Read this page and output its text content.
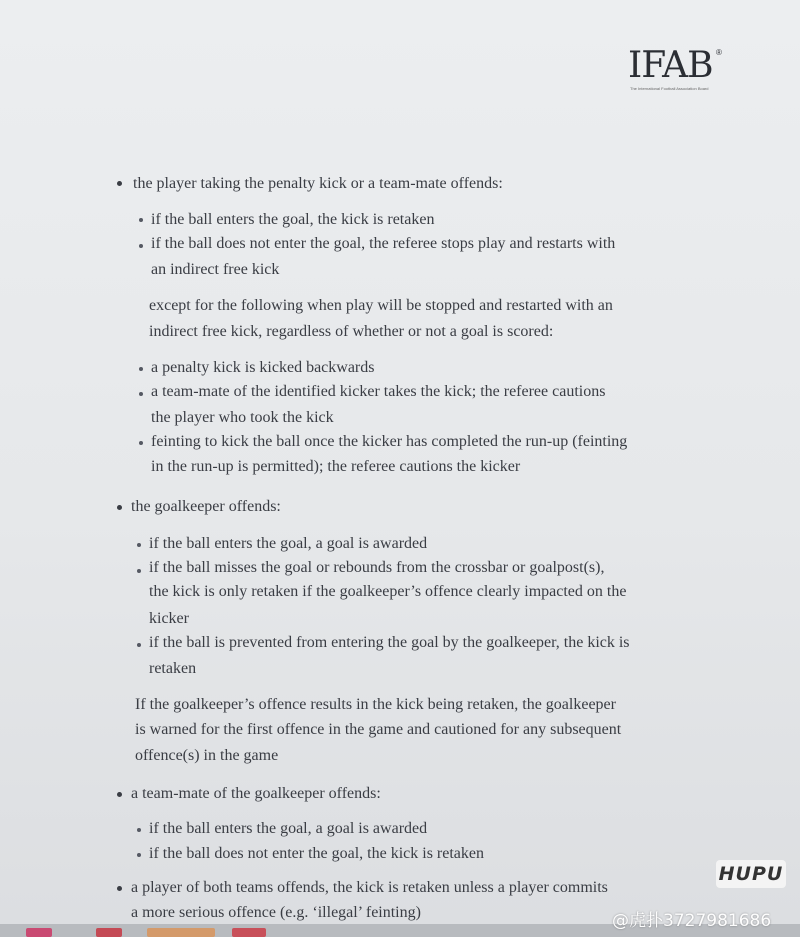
IFAB ®
The International Football Association Board
the player taking the penalty kick or a team-mate offends:
if the ball enters the goal, the kick is retaken
if the ball does not enter the goal, the referee stops play and restarts with
an indirect free kick
except for the following when play will be stopped and restarted with an
indirect free kick, regardless of whether or not a goal is scored:
a penalty kick is kicked backwards
a team-mate of the identified kicker takes the kick; the referee cautions
the player who took the kick
feinting to kick the ball once the kicker has completed the run-up (feinting
in the run-up is permitted); the referee cautions the kicker
the goalkeeper offends:
if the ball enters the goal, a goal is awarded
if the ball misses the goal or rebounds from the crossbar or goalpost(s),
the kick is only retaken if the goalkeeper’s offence clearly impacted on the
kicker
if the ball is prevented from entering the goal by the goalkeeper, the kick is
retaken
If the goalkeeper’s offence results in the kick being retaken, the goalkeeper
is warned for the first offence in the game and cautioned for any subsequent
offence(s) in the game
a team-mate of the goalkeeper offends:
if the ball enters the goal, a goal is awarded
if the ball does not enter the goal, the kick is retaken
a player of both teams offends, the kick is retaken unless a player commits
a more serious offence (e.g. ‘illegal’ feinting)
HUPU
@虎扑3727981686
